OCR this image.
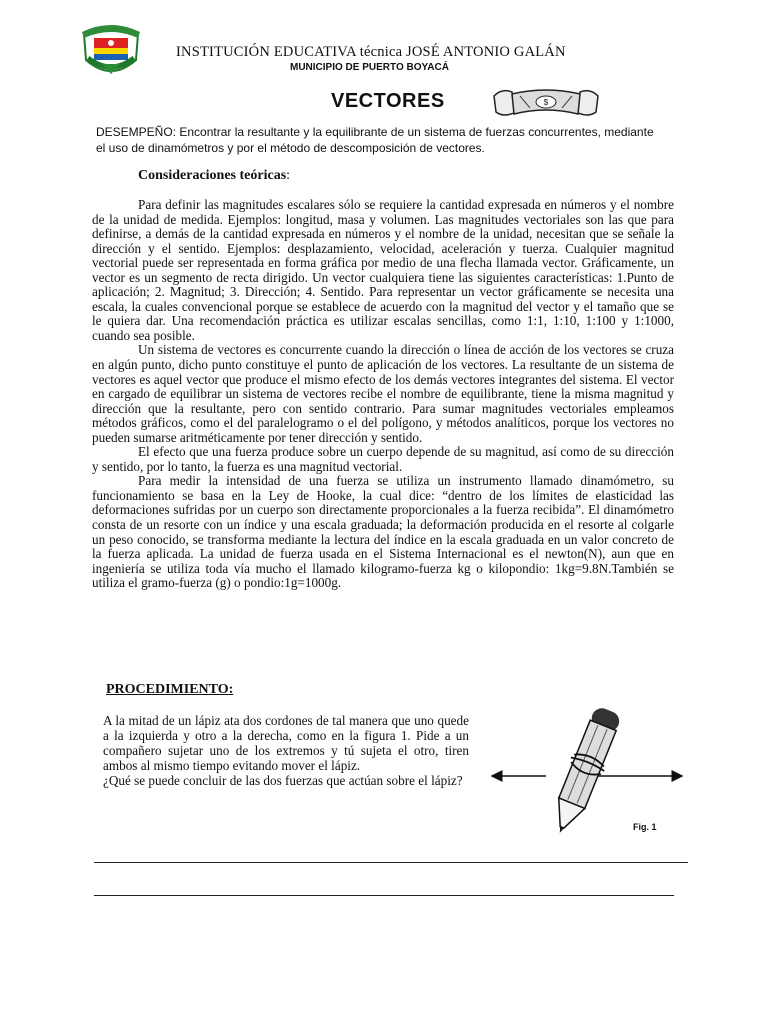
INSTITUCIÓN EDUCATIVA técnica JOSÉ ANTONIO GALÁN
MUNICIPIO DE PUERTO BOYACÁ
VECTORES	$
DESEMPEÑO: Encontrar la resultante y la equilibrante de un sistema de fuerzas concurrentes, mediante el uso de dinamómetros y por el método de descomposición de vectores.
Consideraciones teóricas:

Para definir las magnitudes escalares sólo se requiere la cantidad expresada en números y el nombre de la unidad de medida. Ejemplos: longitud, masa y volumen. Las magnitudes vectoriales son las que para definirse, a demás de la cantidad expresada en números y el nombre de la unidad, necesitan que se señale la dirección y el sentido. Ejemplos: desplazamiento, velocidad, aceleración y tuerza. Cualquier magnitud vectorial puede ser representada en forma gráfica por medio de una flecha llamada vector. Gráficamente, un vector es un segmento de recta dirigido. Un vector cualquiera tiene las siguientes características: 1.Punto de aplicación; 2. Magnitud; 3. Dirección; 4. Sentido. Para representar un vector gráficamente se necesita una escala, la cuales convencional porque se establece de acuerdo con la magnitud del vector y el tamaño que se le quiera dar. Una recomendación práctica es utilizar escalas sencillas, como 1:1, 1:10, 1:100 y 1:1000, cuando sea posible.

Un sistema de vectores es concurrente cuando la dirección o línea de acción de los vectores se cruza en algún punto, dicho punto constituye el punto de aplicación de los vectores. La resultante de un sistema de vectores es aquel vector que produce el mismo efecto de los demás vectores integrantes del sistema. El vector en cargado de equilibrar un sistema de vectores recibe el nombre de equilibrante, tiene la misma magnitud y dirección que la resultante, pero con sentido contrario. Para sumar magnitudes vectoriales empleamos métodos gráficos, como el del paralelogramo o el del polígono, y métodos analíticos, porque los vectores no pueden sumarse aritméticamente por tener dirección y sentido.

El efecto que una fuerza produce sobre un cuerpo depende de su magnitud, así como de su dirección y sentido, por lo tanto, la fuerza es una magnitud vectorial.

Para medir la intensidad de una fuerza se utiliza un instrumento llamado dinamómetro, su funcionamiento se basa en la Ley de Hooke, la cual dice: “dentro de los límites de elasticidad las deformaciones sufridas por un cuerpo son directamente proporcionales a la fuerza recibida”. El dinamómetro consta de un resorte con un índice y una escala graduada; la deformación producida en el resorte al colgarle un peso conocido, se transforma mediante la lectura del índice en la escala graduada en un valor concreto de la fuerza aplicada. La unidad de fuerza usada en el Sistema Internacional es el newton(N), aun que en ingeniería se utiliza toda vía mucho el llamado kilogramo-fuerza kg o kilopondio: 1kg=9.8N.También se utiliza el gramo-fuerza (g) o pondio:1g=1000g.

PROCEDIMIENTO:

A la mitad de un lápiz ata dos cordones de tal manera que uno quede a la izquierda y otro a la derecha, como en la figura 1. Pide a un compañero sujetar uno de los extremos y tú sujeta el otro, tiren ambos al mismo tiempo evitando mover el lápiz.

¿Qué se puede concluir de las dos fuerzas que actúan sobre el lápiz?

Fig. 1
